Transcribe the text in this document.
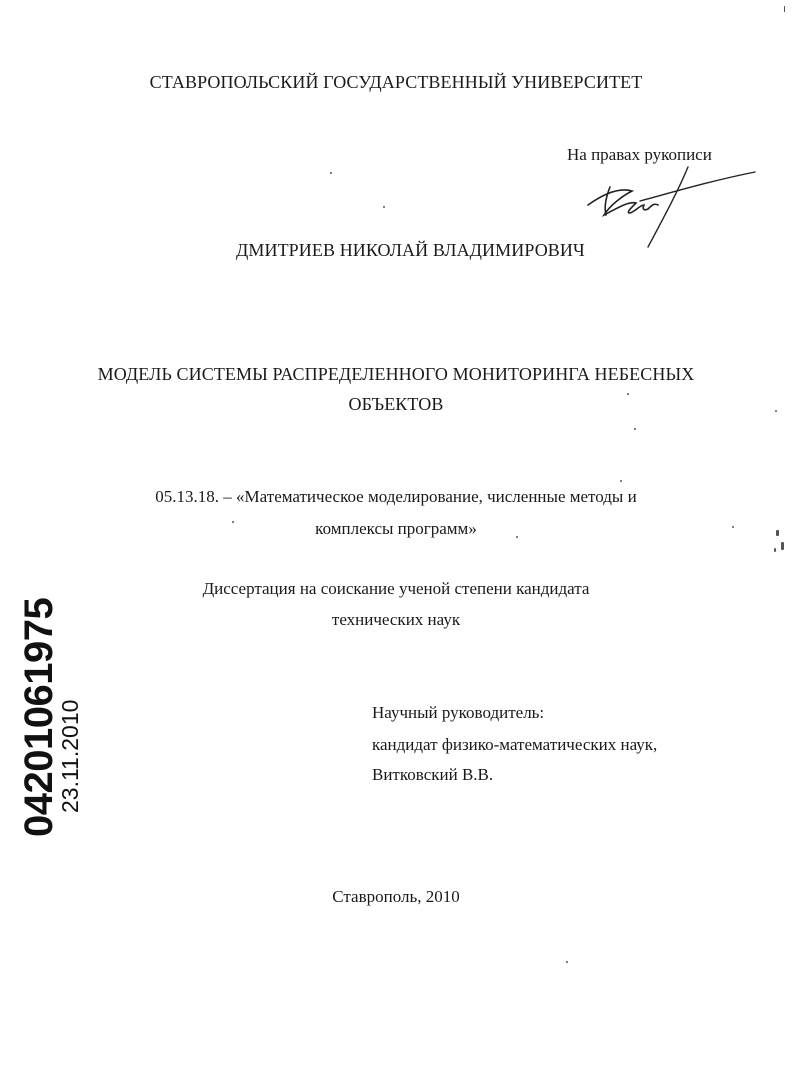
СТАВРОПОЛЬСКИЙ ГОСУДАРСТВЕННЫЙ УНИВЕРСИТЕТ
На правах рукописи
ДМИТРИЕВ НИКОЛАЙ ВЛАДИМИРОВИЧ
МОДЕЛЬ СИСТЕМЫ РАСПРЕДЕЛЕННОГО МОНИТОРИНГА НЕБЕСНЫХ
ОБЪЕКТОВ
05.13.18. – «Математическое моделирование, численные методы и
комплексы программ»
Диссертация на соискание ученой степени кандидата
технических наук
Научный руководитель:
кандидат физико-математических наук,
Витковский В.В.
Ставрополь, 2010
04201061975
23.11.2010
